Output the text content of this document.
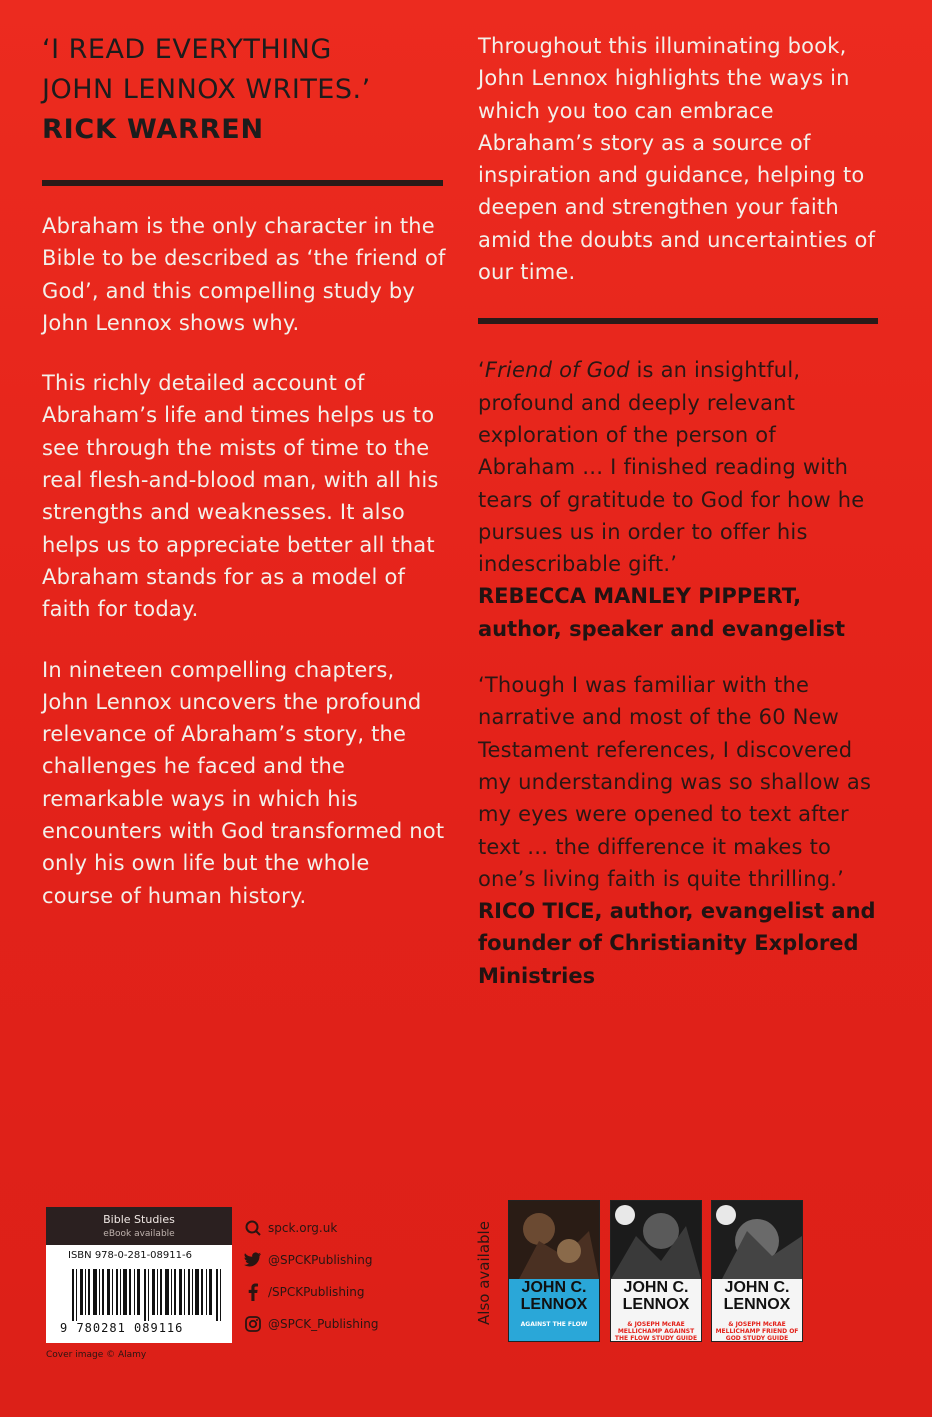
‘I READ EVERYTHING

JOHN LENNOX WRITES.’

RICK WARREN

Abraham is the only character in the Bible to be described as ‘the friend of God’, and this compelling study by John Lennox shows why.

This richly detailed account of Abraham’s life and times helps us to see through the mists of time to the real flesh-and-blood man, with all his strengths and weaknesses. It also helps us to appreciate better all that Abraham stands for as a model of faith for today.

In nineteen compelling chapters, John Lennox uncovers the profound relevance of Abraham’s story, the challenges he faced and the remarkable ways in which his encounters with God transformed not only his own life but the whole course of human history.

Throughout this illuminating book, John Lennox highlights the ways in which you too can embrace Abraham’s story as a source of inspiration and guidance, helping to deepen and strengthen your faith amid the doubts and uncertainties of our time.

‘Friend of God is an insightful, profound and deeply relevant exploration of the person of Abraham … I finished reading with tears of gratitude to God for how he pursues us in order to offer his indescribable gift.’

REBECCA MANLEY PIPPERT,

author, speaker and evangelist

‘Though I was familiar with the narrative and most of the 60 New Testament references, I discovered my understanding was so shallow as my eyes were opened to text after text … the difference it makes to one’s living faith is quite thrilling.’

RICO TICE, author, evangelist and founder of Christianity Explored Ministries

Bible Studies
eBook available
ISBN 978-0-281-08911-6
9 780281 089116
Cover image © Alamy
spck.org.uk
@SPCKPublishing
/SPCKPublishing
@SPCK_Publishing	Also available	JOHN C. LENNOX
AGAINST THE FLOW
JOHN C. LENNOX
& JOSEPH McRAE MELLICHAMP AGAINST THE FLOW STUDY GUIDE
JOHN C. LENNOX
& JOSEPH McRAE MELLICHAMP FRIEND OF GOD STUDY GUIDE
